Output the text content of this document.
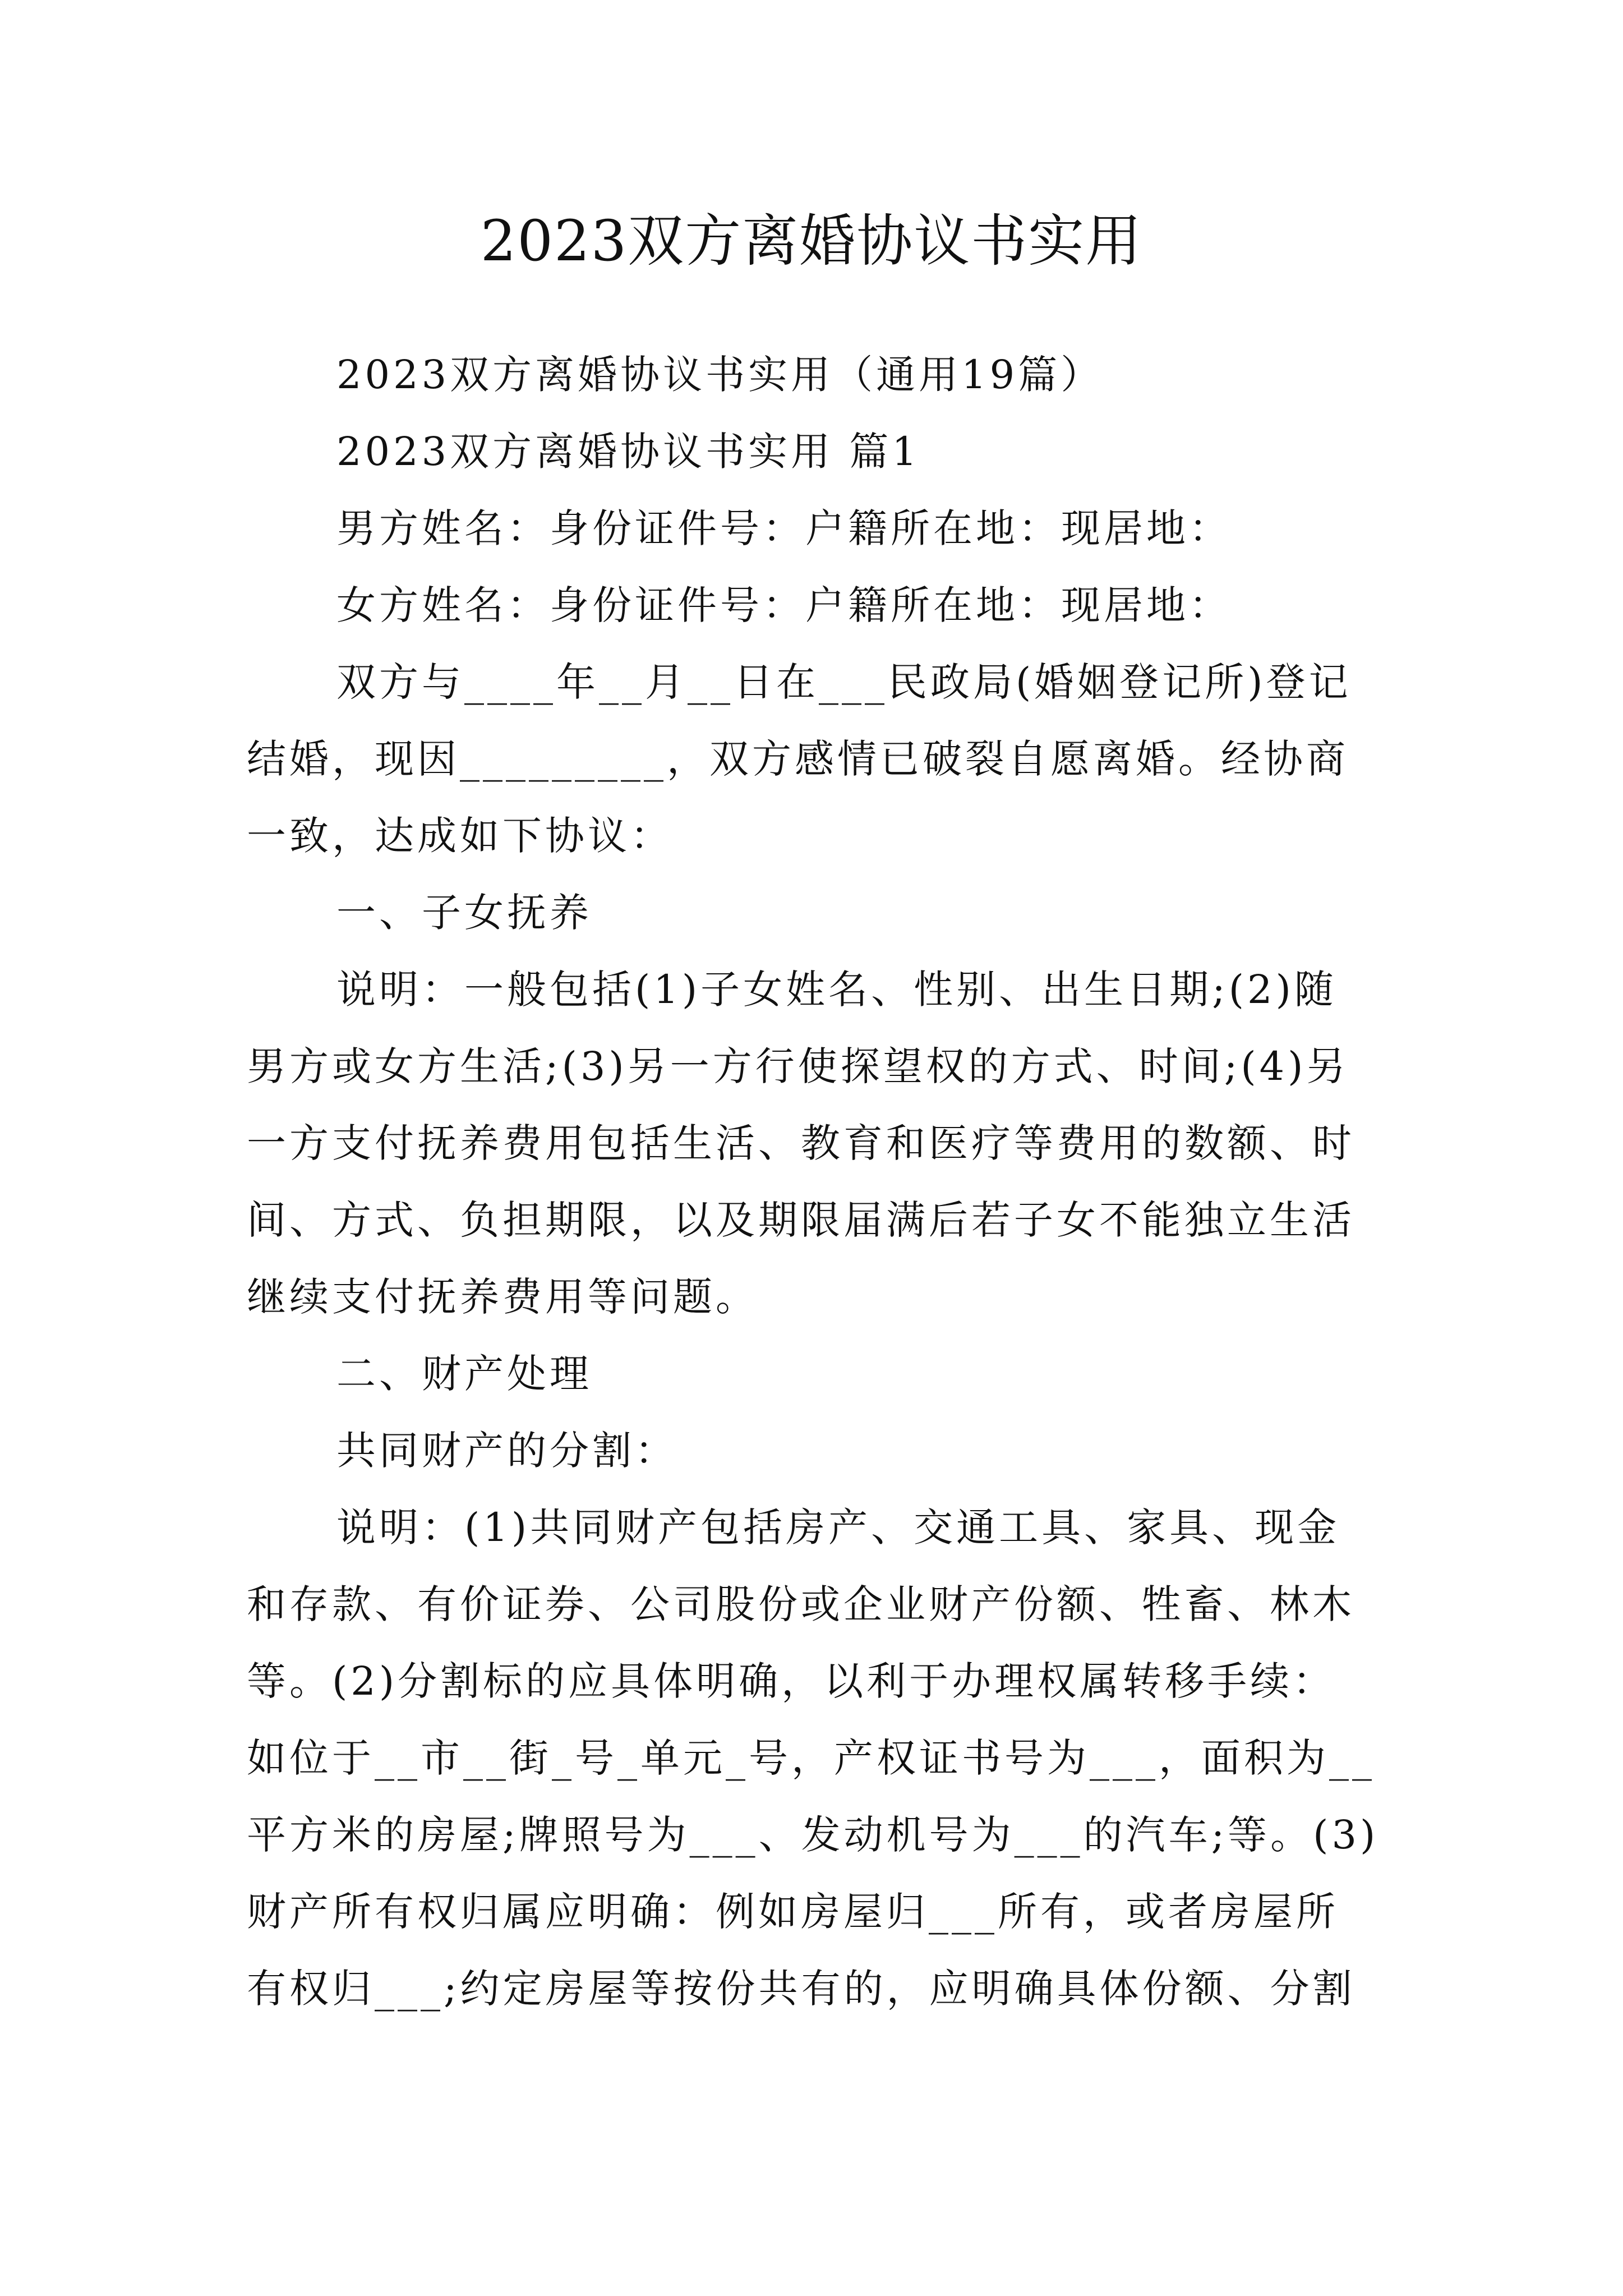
2023双方离婚协议书实用
2023双方离婚协议书实用（通用19篇）
2023双方离婚协议书实用 篇1
男方姓名：身份证件号：户籍所在地：现居地：
女方姓名：身份证件号：户籍所在地：现居地：
双方与____年__月__日在___民政局(婚姻登记所)登记
结婚，现因_________，双方感情已破裂自愿离婚。经协商
一致，达成如下协议：
一、子女抚养
说明：一般包括(1)子女姓名、性别、出生日期;(2)随
男方或女方生活;(3)另一方行使探望权的方式、时间;(4)另
一方支付抚养费用包括生活、教育和医疗等费用的数额、时
间、方式、负担期限，以及期限届满后若子女不能独立生活
继续支付抚养费用等问题。
二、财产处理
共同财产的分割：
说明：(1)共同财产包括房产、交通工具、家具、现金
和存款、有价证券、公司股份或企业财产份额、牲畜、林木
等。(2)分割标的应具体明确，以利于办理权属转移手续：
如位于__市__街_号_单元_号，产权证书号为___，面积为__
平方米的房屋;牌照号为___、发动机号为___的汽车;等。(3)
财产所有权归属应明确：例如房屋归___所有，或者房屋所
有权归___;约定房屋等按份共有的，应明确具体份额、分割
